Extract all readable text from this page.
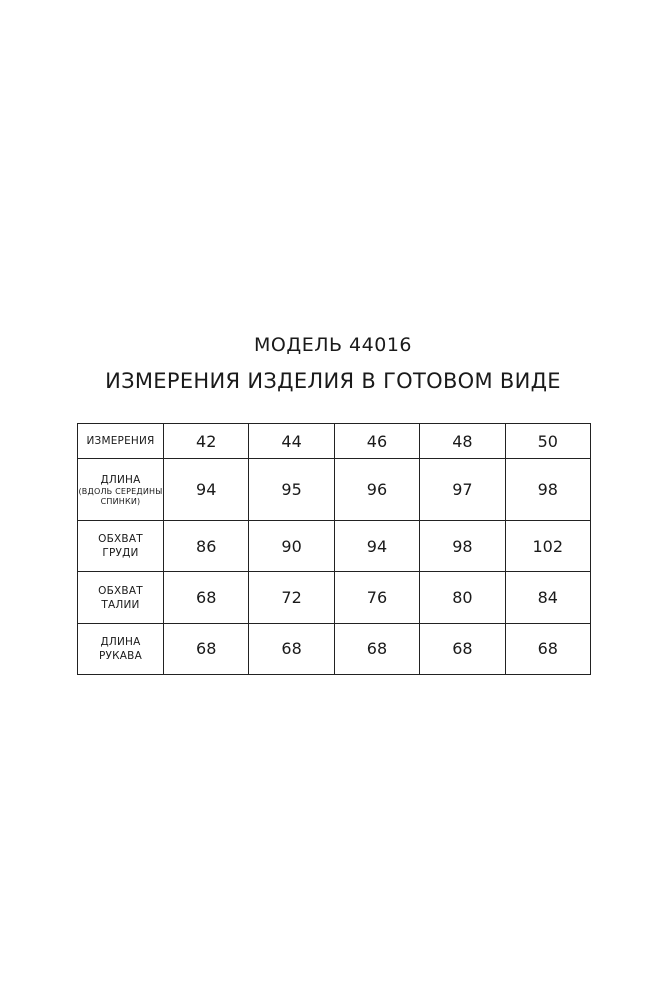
МОДЕЛЬ 44016
ИЗМЕРЕНИЯ ИЗДЕЛИЯ В ГОТОВОМ ВИДЕ
ИЗМЕРЕНИЯ	42	44	46	48	50

ДЛИНА
(ВДОЛЬ СЕРЕДИНЫ
СПИНКИ)	94	95	96	97	98

ОБХВАТ
ГРУДИ	86	90	94	98	102

ОБХВАТ
ТАЛИИ	68	72	76	80	84

ДЛИНА
РУКАВА	68	68	68	68	68
